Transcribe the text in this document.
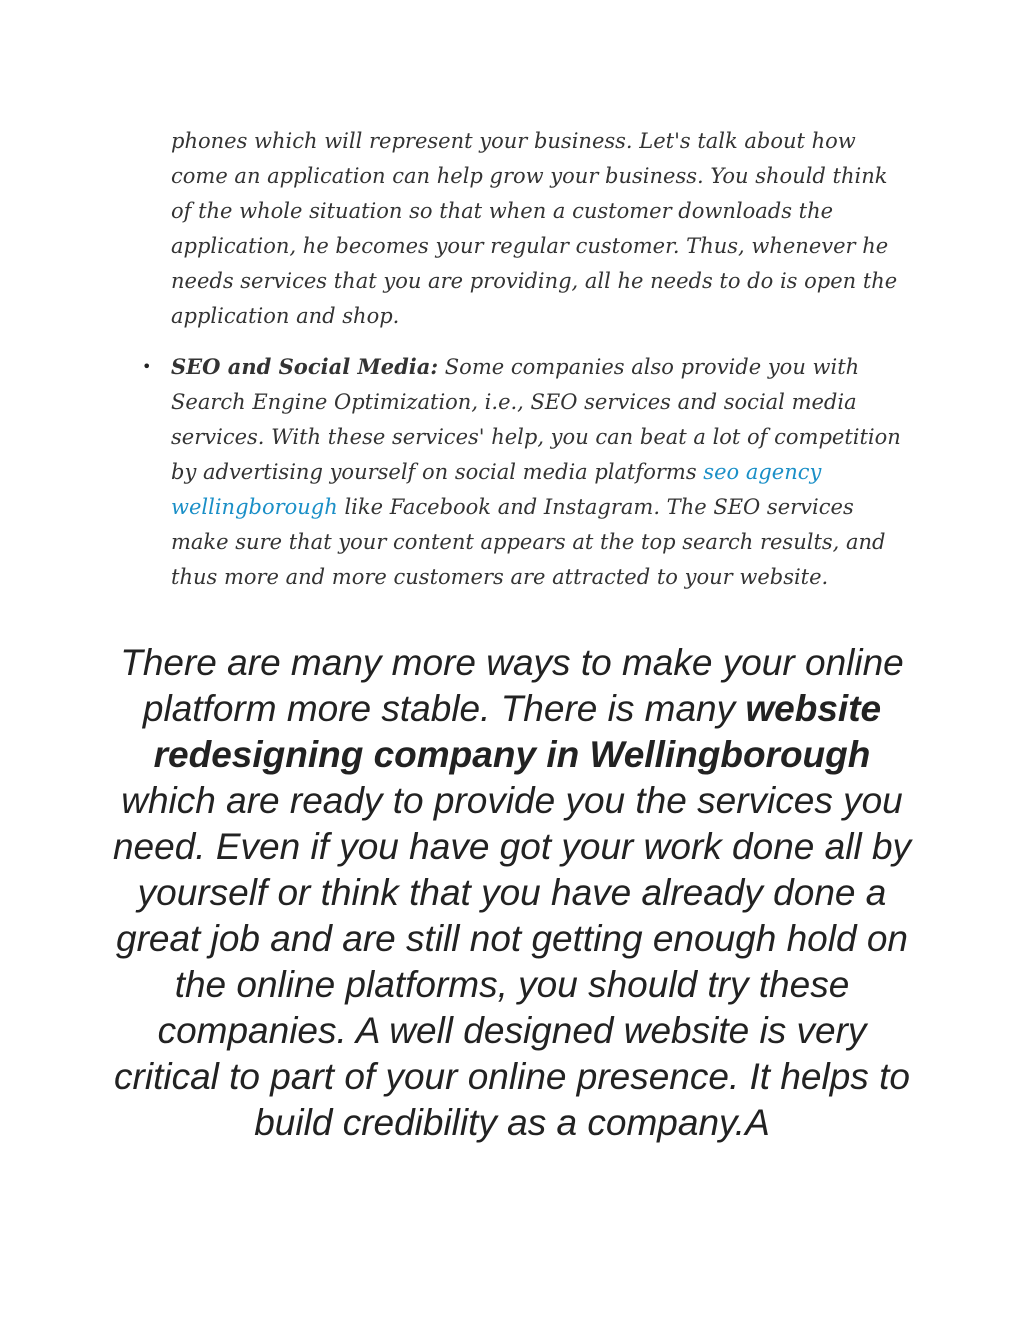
phones which will represent your business. Let's talk about how come an application can help grow your business. You should think of the whole situation so that when a customer downloads the application, he becomes your regular customer. Thus, whenever he needs services that you are providing, all he needs to do is open the application and shop.

• SEO and Social Media: Some companies also provide you with Search Engine Optimization, i.e., SEO services and social media services. With these services' help, you can beat a lot of competition by advertising yourself on social media platforms seo agency wellingborough like Facebook and Instagram. The SEO services make sure that your content appears at the top search results, and thus more and more customers are attracted to your website.

There are many more ways to make your online platform more stable. There is many website redesigning company in Wellingborough which are ready to provide you the services you need. Even if you have got your work done all by yourself or think that you have already done a great job and are still not getting enough hold on the online platforms, you should try these companies. A well designed website is very critical to part of your online presence. It helps to build credibility as a company.A
